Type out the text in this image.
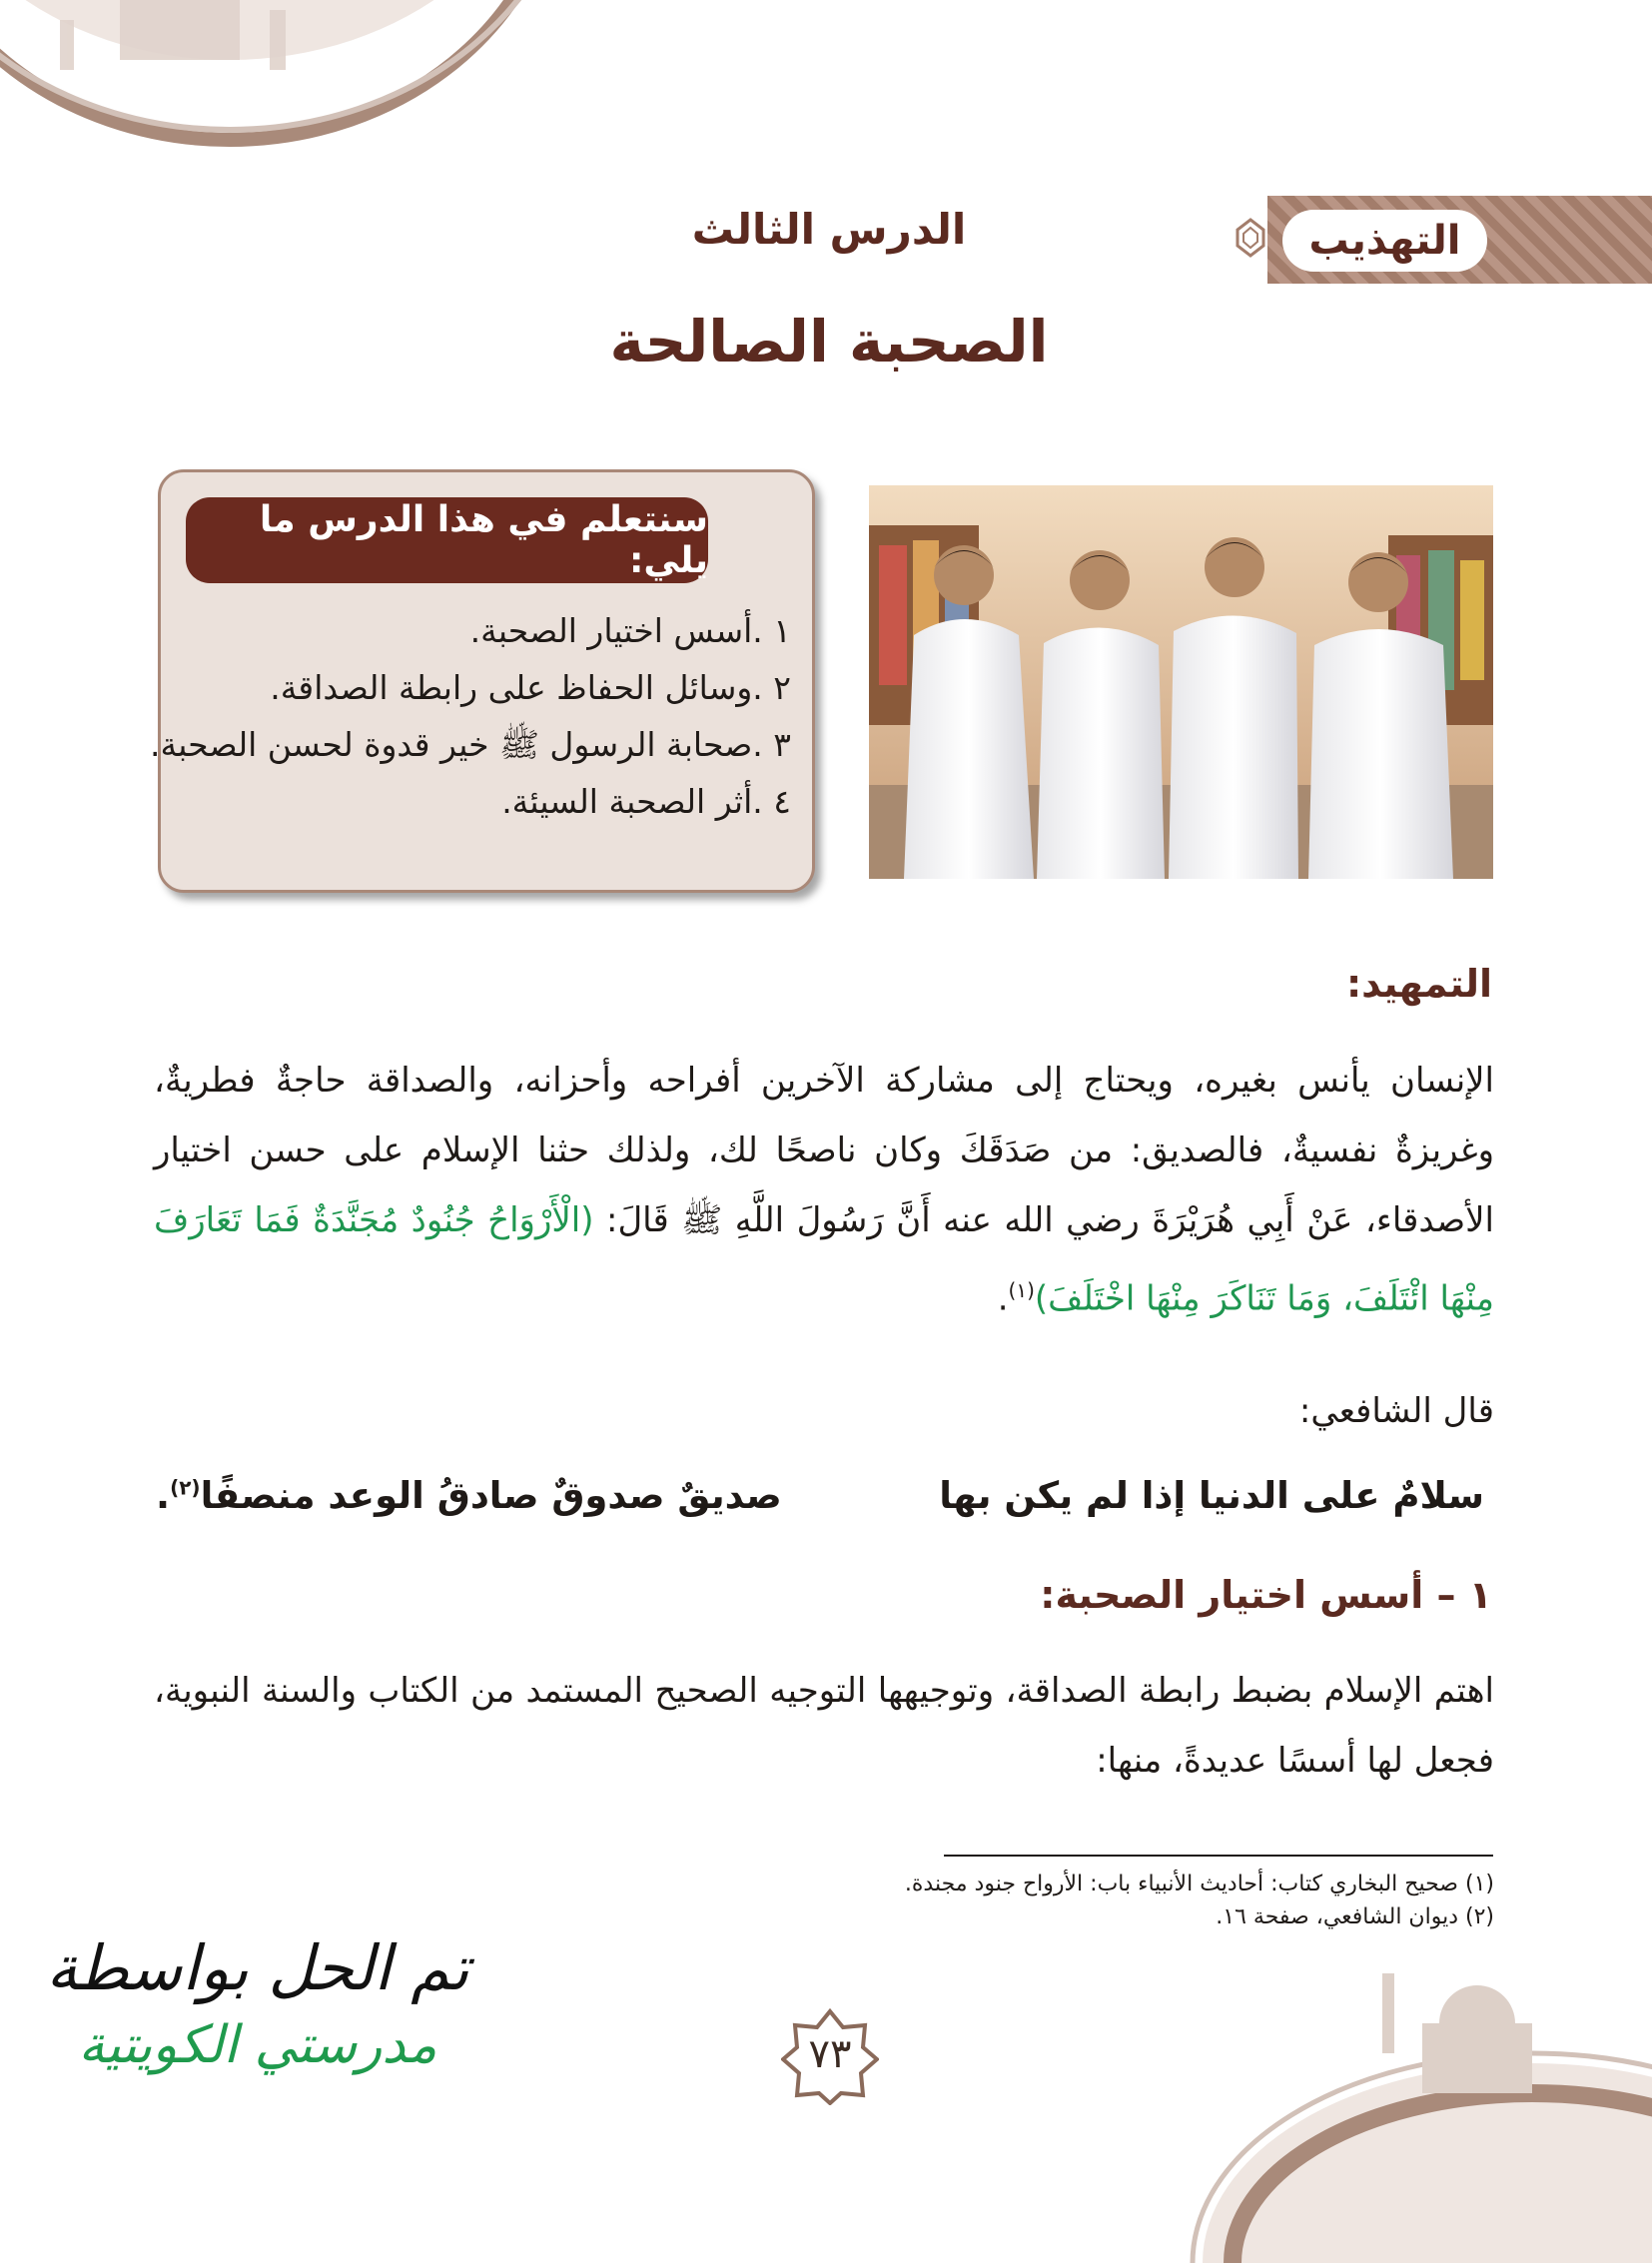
التهذيب
الدرس الثالث
الصحبة الصالحة
سنتعلم في هذا الدرس ما يلي:
١ .أسس اختيار الصحبة.
٢ .وسائل الحفاظ على رابطة الصداقة.
٣ .صحابة الرسول ﷺ خير قدوة لحسن الصحبة.
٤ .أثر الصحبة السيئة.
التمهيد:
الإنسان يأنس بغيره، ويحتاج إلى مشاركة الآخرين أفراحه وأحزانه، والصداقة حاجةٌ فطريةٌ، وغريزةٌ نفسيةٌ، فالصديق: من صَدَقَكَ وكان ناصحًا لك، ولذلك حثنا الإسلام على حسن اختيار الأصدقاء، عَنْ أَبِي هُرَيْرَةَ رضي الله عنه أَنَّ رَسُولَ اللَّهِ ﷺ قَالَ: (الْأَرْوَاحُ جُنُودٌ مُجَنَّدَةٌ فَمَا تَعَارَفَ مِنْهَا ائْتَلَفَ، وَمَا تَنَاكَرَ مِنْهَا اخْتَلَفَ)$^{(١)}$.
قال الشافعي:
سلامٌ على الدنيا إذا لم يكن بها
صديقٌ صدوقٌ صادقُ الوعد منصفًا$^{(٢)}$.
١ – أسس اختيار الصحبة:
اهتم الإسلام بضبط رابطة الصداقة، وتوجيهها التوجيه الصحيح المستمد من الكتاب والسنة النبوية، فجعل لها أسسًا عديدةً، منها:
(١) صحيح البخاري كتاب: أحاديث الأنبياء باب: الأرواح جنود مجندة.
(٢) ديوان الشافعي، صفحة ١٦.
٧٣
تم الحل بواسطة
مدرستي الكويتية
